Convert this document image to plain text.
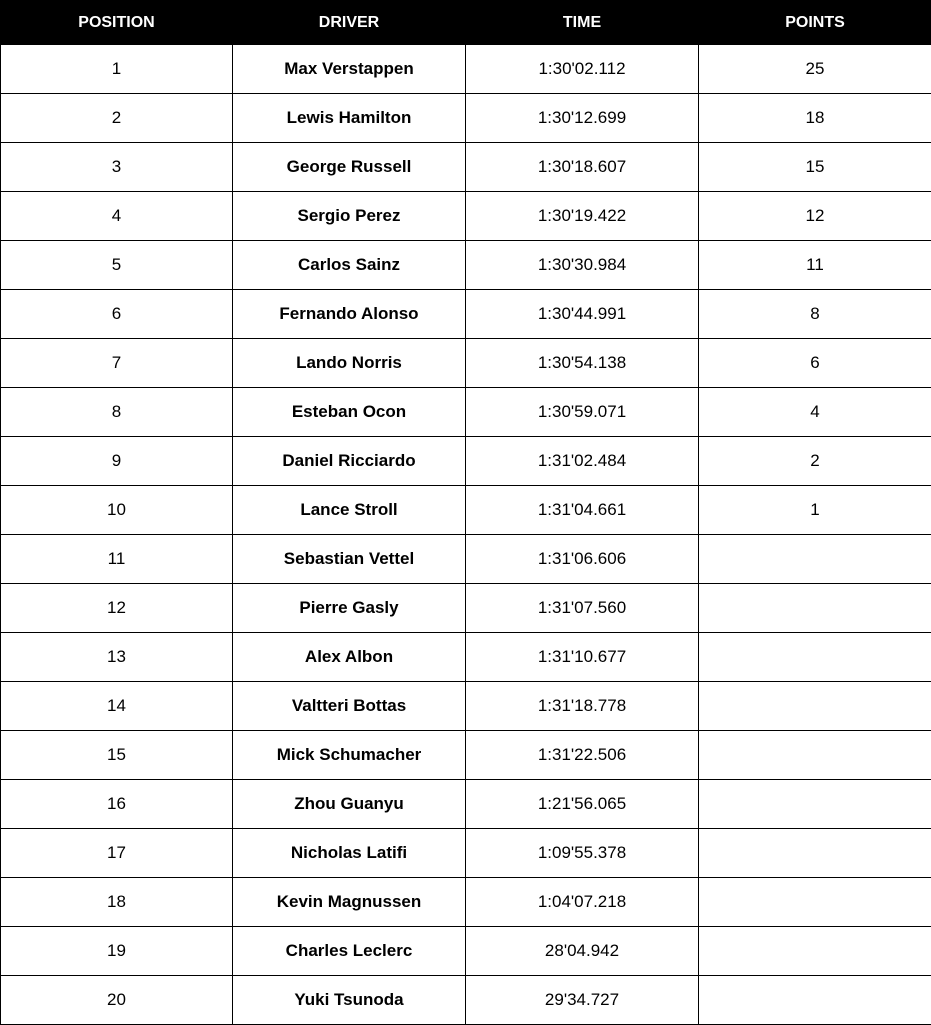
POSITION	DRIVER	TIME	POINTS
1	Max Verstappen	1:30'02.112	25
2	Lewis Hamilton	1:30'12.699	18
3	George Russell	1:30'18.607	15
4	Sergio Perez	1:30'19.422	12
5	Carlos Sainz	1:30'30.984	11
6	Fernando Alonso	1:30'44.991	8
7	Lando Norris	1:30'54.138	6
8	Esteban Ocon	1:30'59.071	4
9	Daniel Ricciardo	1:31'02.484	2
10	Lance Stroll	1:31'04.661	1
11	Sebastian Vettel	1:31'06.606	
12	Pierre Gasly	1:31'07.560	
13	Alex Albon	1:31'10.677	
14	Valtteri Bottas	1:31'18.778	
15	Mick Schumacher	1:31'22.506	
16	Zhou Guanyu	1:21'56.065	
17	Nicholas Latifi	1:09'55.378	
18	Kevin Magnussen	1:04'07.218	
19	Charles Leclerc	28'04.942	
20	Yuki Tsunoda	29'34.727	
